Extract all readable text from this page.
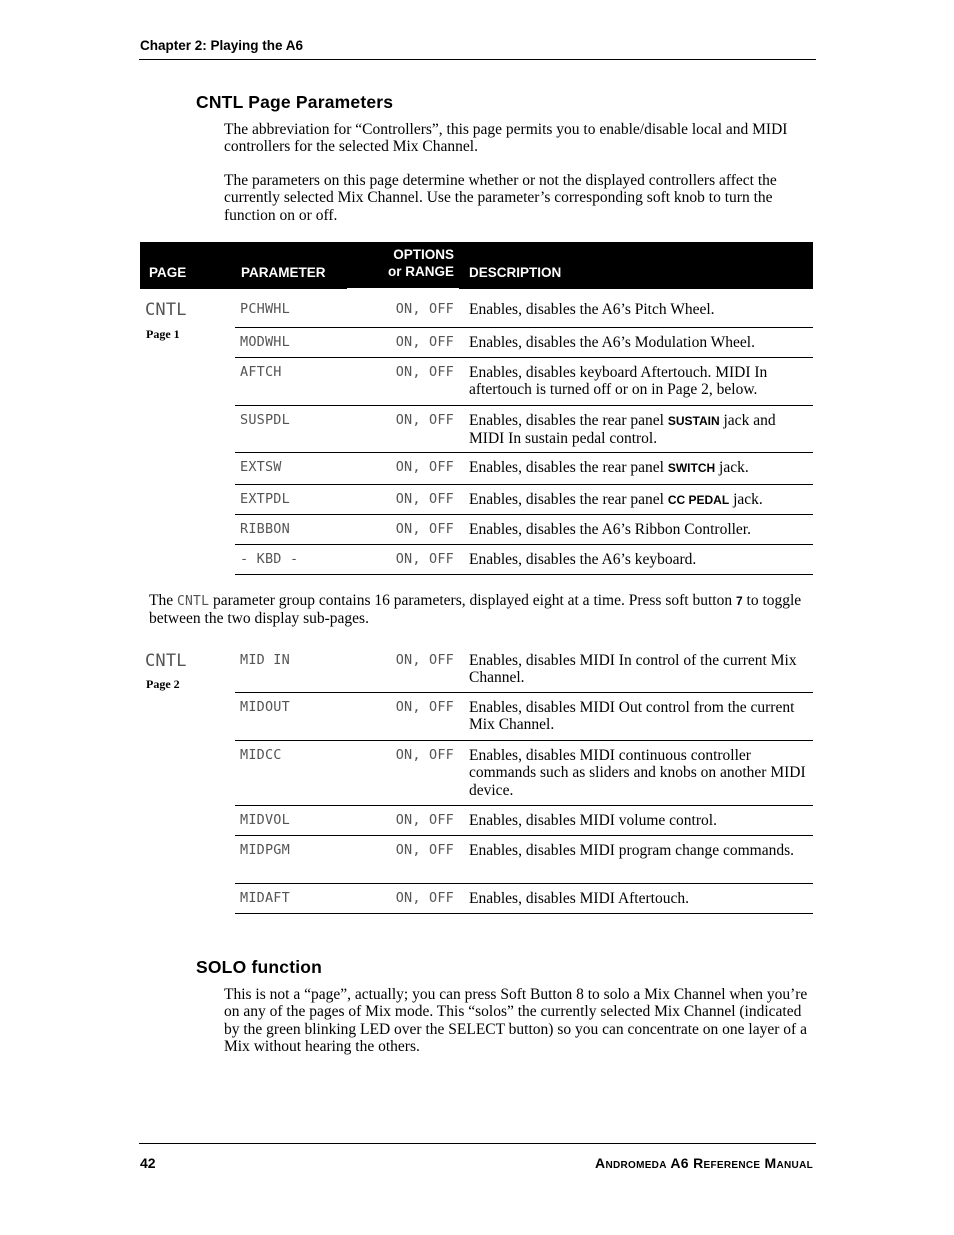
Chapter 2: Playing the A6
CNTL Page Parameters
The abbreviation for “Controllers”, this page permits you to enable/disable local and MIDI controllers for the selected Mix Channel.
The parameters on this page determine whether or not the displayed controllers affect the currently selected Mix Channel. Use the parameter’s corresponding soft knob to turn the function on or off.
PAGE	PARAMETER
OPTIONS
or RANGE DESCRIPTION
CNTL
Page 1
PCHWHL	ON, OFF Enables, disables the A6’s Pitch Wheel.
MODWHL	ON, OFF Enables, disables the A6’s Modulation Wheel.
AFTCH	ON, OFF Enables, disables keyboard Aftertouch. MIDI In aftertouch is turned off or on in Page 2, below.
SUSPDL	ON, OFF Enables, disables the rear panel SUSTAIN jack and MIDI In sustain pedal control.
EXTSW	ON, OFF Enables, disables the rear panel SWITCH jack.
EXTPDL	ON, OFF Enables, disables the rear panel CC PEDAL jack.
RIBBON	ON, OFF Enables, disables the A6’s Ribbon Controller.
- KBD -	ON, OFF Enables, disables the A6’s keyboard.
The CNTL parameter group contains 16 parameters, displayed eight at a time. Press soft button 7 to toggle between the two display sub-pages.
CNTL
Page 2
MID IN	ON, OFF Enables, disables MIDI In control of the current Mix Channel.
MIDOUT	ON, OFF Enables, disables MIDI Out control from the current Mix Channel.
MIDCC	ON, OFF Enables, disables MIDI continuous controller commands such as sliders and knobs on another MIDI device.
MIDVOL	ON, OFF Enables, disables MIDI volume control.
MIDPGM	ON, OFF Enables, disables MIDI program change commands.
MIDAFT	ON, OFF Enables, disables MIDI Aftertouch.
SOLO function
This is not a “page”, actually; you can press Soft Button 8 to solo a Mix Channel when you’re on any of the pages of Mix mode. This “solos” the currently selected Mix Channel (indicated by the green blinking LED over the SELECT button) so you can concentrate on one layer of a Mix without hearing the others.
42	Andromeda A6 Reference Manual
